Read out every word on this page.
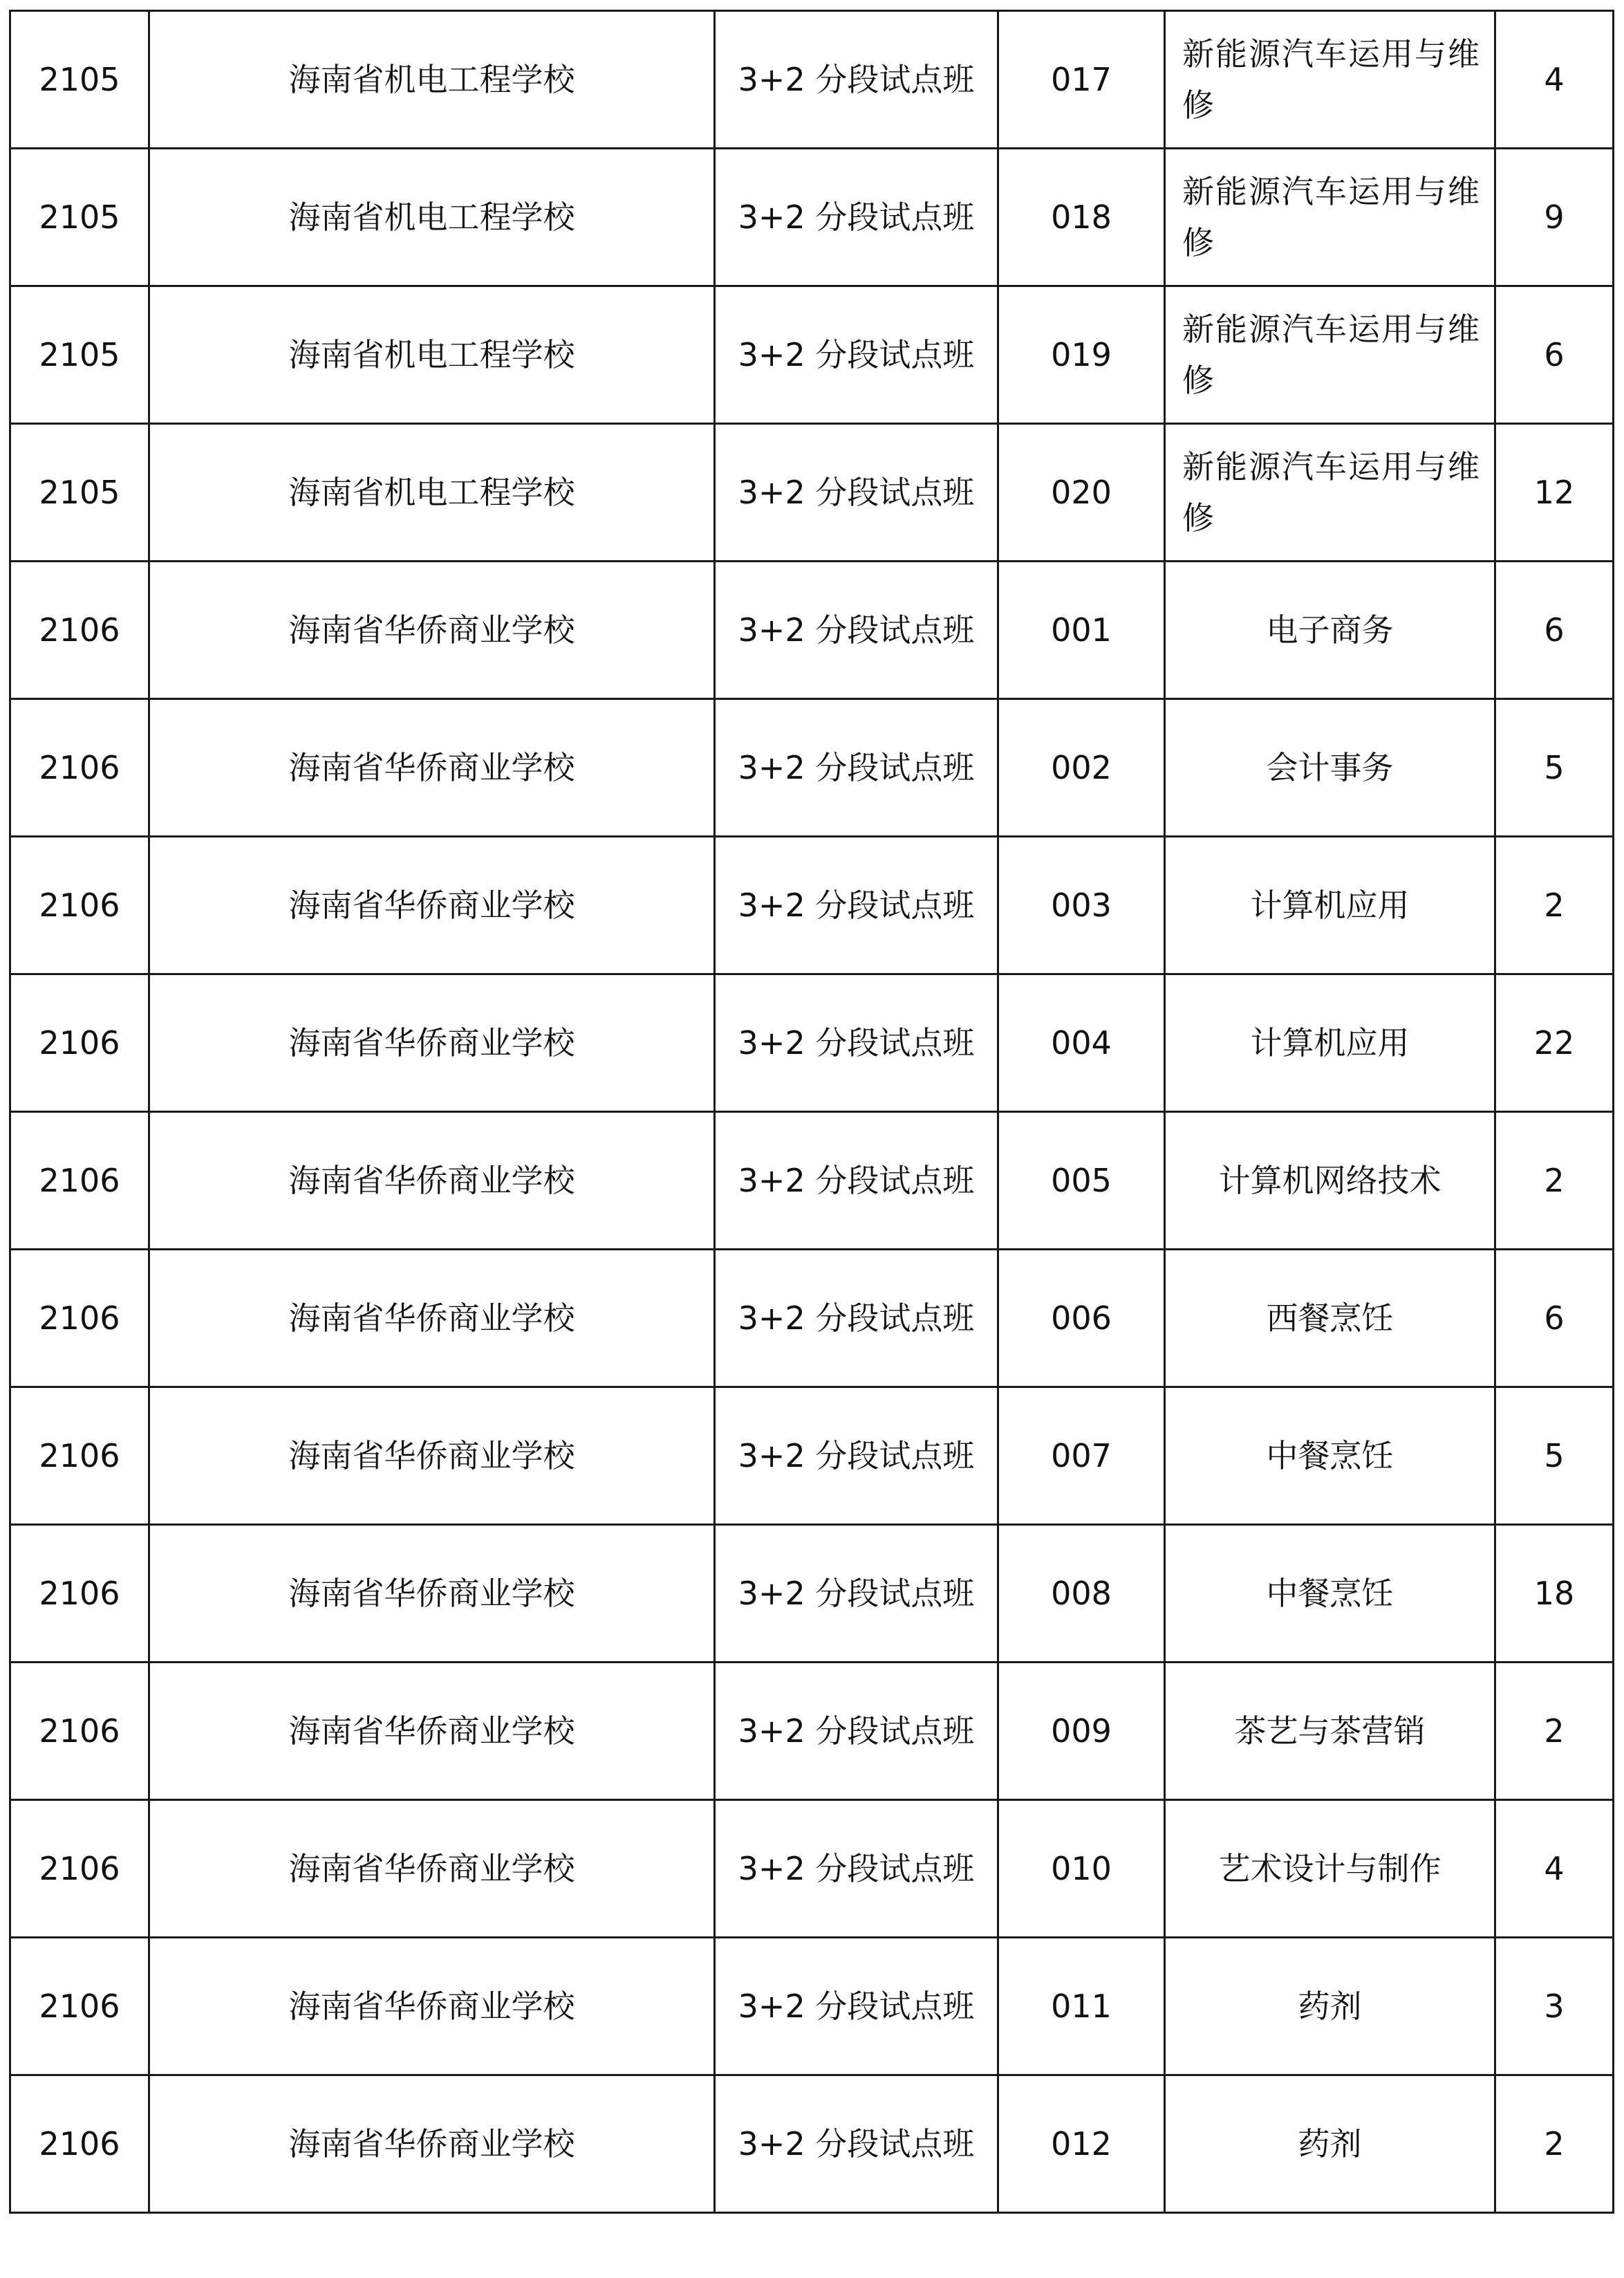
2105	海南省机电工程学校	3+2 分段试点班	017	新能源汽车运用与维修	4
2105	海南省机电工程学校	3+2 分段试点班	018	新能源汽车运用与维修	9
2105	海南省机电工程学校	3+2 分段试点班	019	新能源汽车运用与维修	6
2105	海南省机电工程学校	3+2 分段试点班	020	新能源汽车运用与维修	12
2106	海南省华侨商业学校	3+2 分段试点班	001	电子商务	6
2106	海南省华侨商业学校	3+2 分段试点班	002	会计事务	5
2106	海南省华侨商业学校	3+2 分段试点班	003	计算机应用	2
2106	海南省华侨商业学校	3+2 分段试点班	004	计算机应用	22
2106	海南省华侨商业学校	3+2 分段试点班	005	计算机网络技术	2
2106	海南省华侨商业学校	3+2 分段试点班	006	西餐烹饪	6
2106	海南省华侨商业学校	3+2 分段试点班	007	中餐烹饪	5
2106	海南省华侨商业学校	3+2 分段试点班	008	中餐烹饪	18
2106	海南省华侨商业学校	3+2 分段试点班	009	茶艺与茶营销	2
2106	海南省华侨商业学校	3+2 分段试点班	010	艺术设计与制作	4
2106	海南省华侨商业学校	3+2 分段试点班	011	药剂	3
2106	海南省华侨商业学校	3+2 分段试点班	012	药剂	2
